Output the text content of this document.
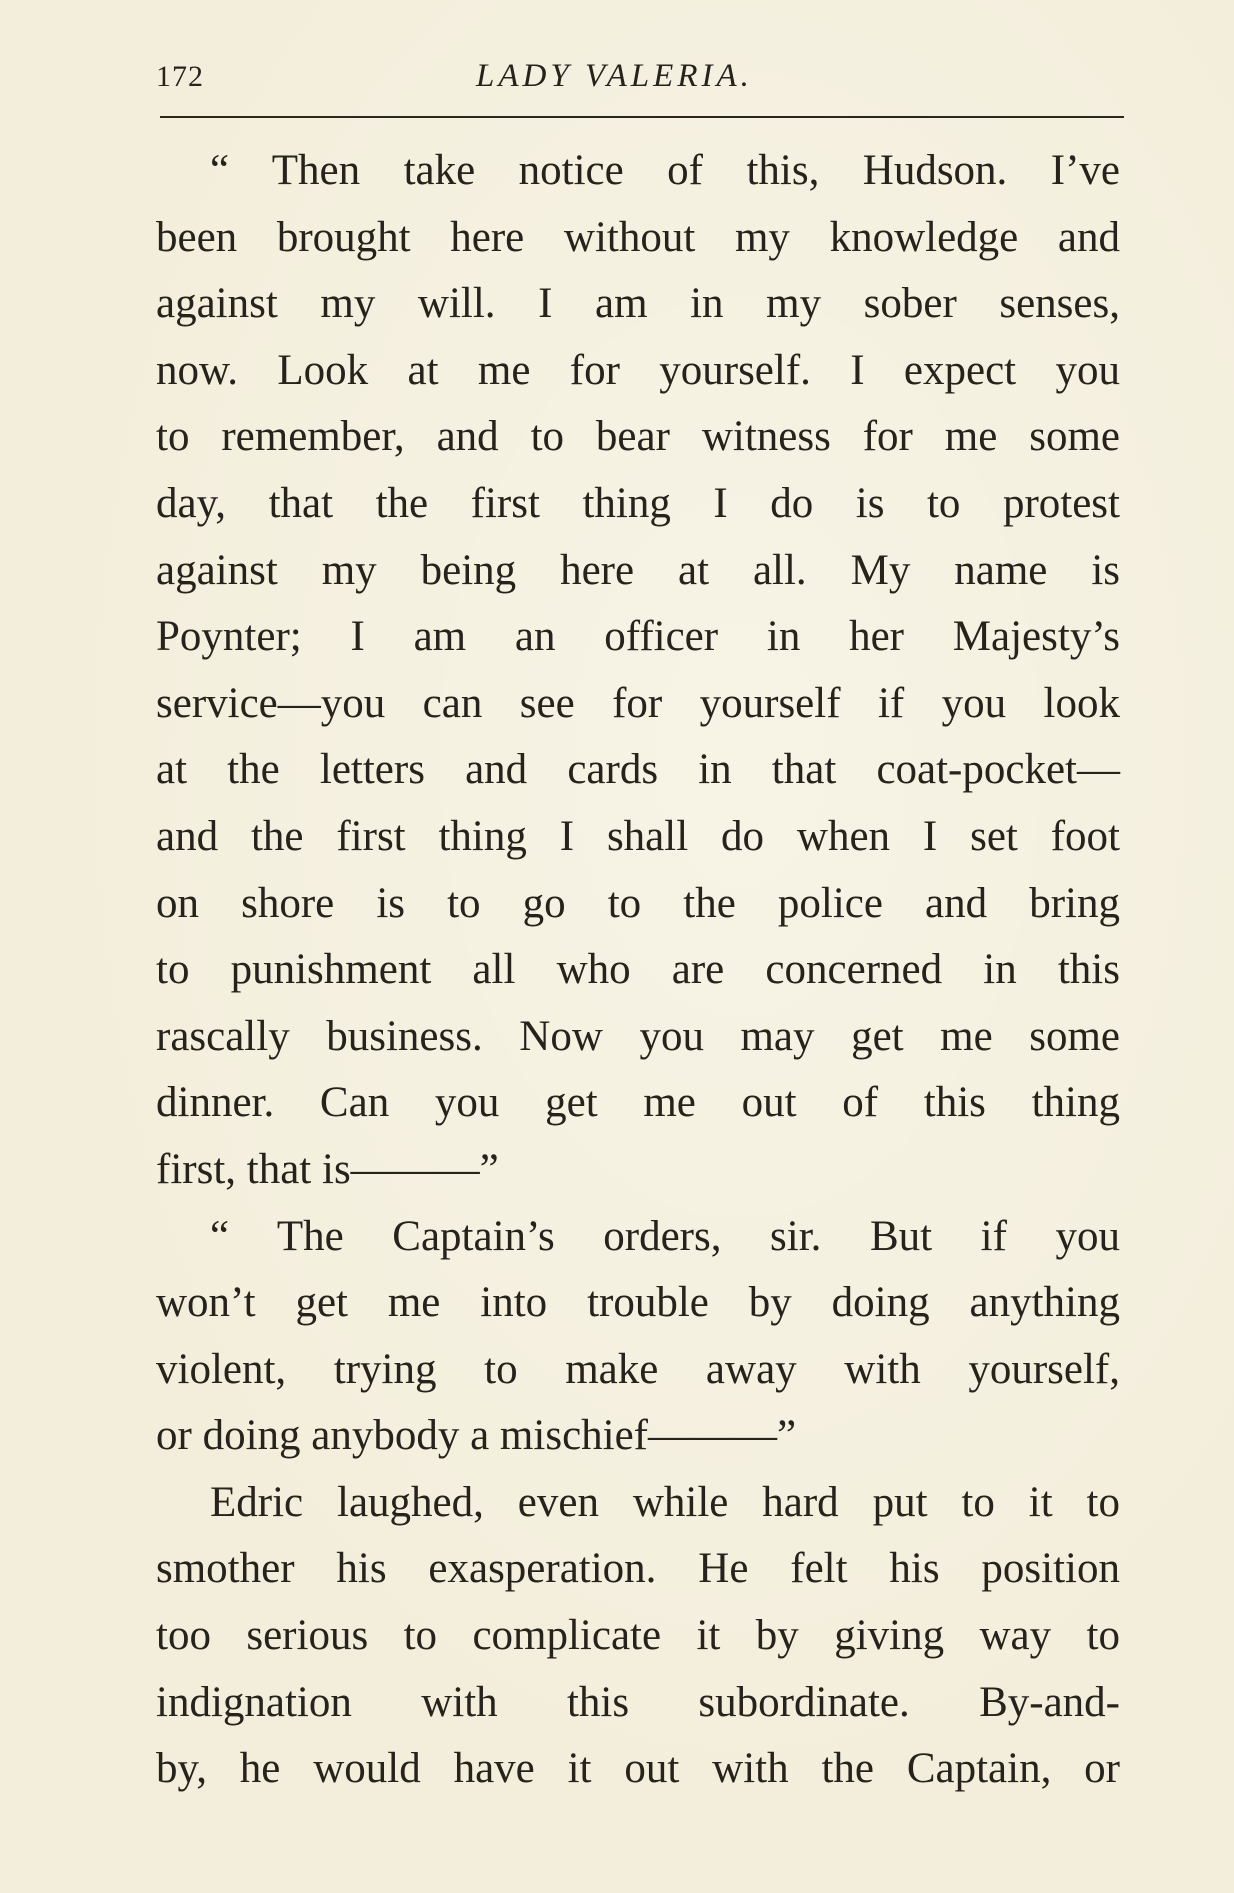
172	LADY VALERIA.
“ Then take notice of this, Hudson. I’ve
been brought here without my knowledge and
against my will. I am in my sober senses,
now. Look at me for yourself. I expect you
to remember, and to bear witness for me some
day, that the first thing I do is to protest
against my being here at all. My name is
Poynter; I am an officer in her Majesty’s
service—you can see for yourself if you look
at the letters and cards in that coat-pocket—
and the first thing I shall do when I set foot
on shore is to go to the police and bring
to punishment all who are concerned in this
rascally business. Now you may get me some
dinner. Can you get me out of this thing
first, that is———”
“ The Captain’s orders, sir. But if you
won’t get me into trouble by doing anything
violent, trying to make away with yourself,
or doing anybody a mischief———”
Edric laughed, even while hard put to it to
smother his exasperation. He felt his position
too serious to complicate it by giving way to
indignation with this subordinate. By-and-
by, he would have it out with the Captain, or
